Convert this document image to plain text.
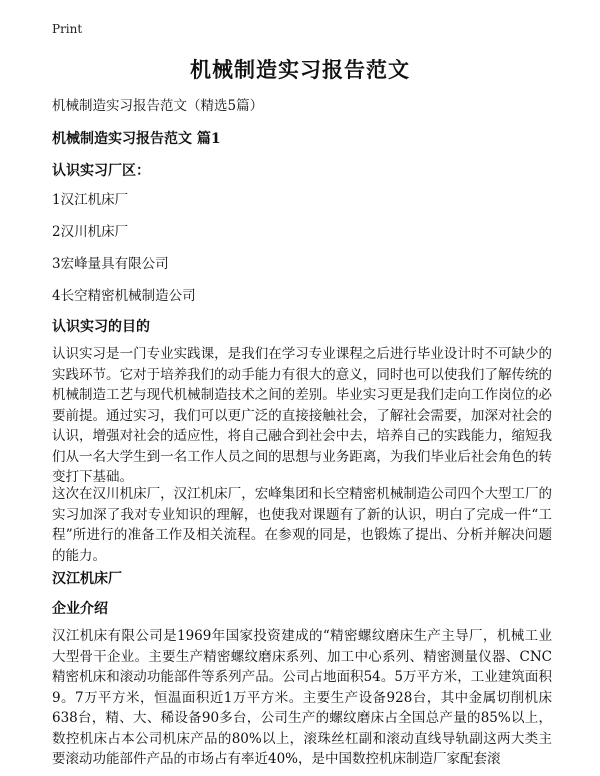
Print
机械制造实习报告范文
机械制造实习报告范文（精选5篇）
机械制造实习报告范文 篇1
认识实习厂区：
1汉江机床厂
2汉川机床厂
3宏峰量具有限公司
4长空精密机械制造公司
认识实习的目的
认识实习是一门专业实践课，是我们在学习专业课程之后进行毕业设计时不可缺少的实践环节。它对于培养我们的动手能力有很大的意义，同时也可以使我们了解传统的机械制造工艺与现代机械制造技术之间的差别。毕业实习更是我们走向工作岗位的必要前提。通过实习，我们可以更广泛的直接接触社会，了解社会需要，加深对社会的认识，增强对社会的适应性，将自己融合到社会中去，培养自己的实践能力，缩短我们从一名大学生到一名工作人员之间的思想与业务距离，为我们毕业后社会角色的转变打下基础。
这次在汉川机床厂，汉江机床厂，宏峰集团和长空精密机械制造公司四个大型工厂的实习加深了我对专业知识的理解，也使我对课题有了新的认识，明白了完成一件“工程”所进行的准备工作及相关流程。在参观的同是，也锻炼了提出、分析并解决问题的能力。
汉江机床厂
企业介绍
汉江机床有限公司是1969年国家投资建成的“精密螺纹磨床生产主导厂，机械工业大型骨干企业。主要生产精密螺纹磨床系列、加工中心系列、精密测量仪器、CNC精密机床和滚动功能部件等系列产品。公司占地面积54。5万平方米，工业建筑面积9。7万平方米，恒温面积近1万平方米。主要生产设备928台，其中金属切削机床638台，精、大、稀设备90多台，公司生产的螺纹磨床占全国总产量的85%以上，数控机床占本公司机床产品的80%以上，滚珠丝杠副和滚动直线导轨副这两大类主要滚动功能部件产品的市场占有率近40%，是中国数控机床制造厂家配套滚
